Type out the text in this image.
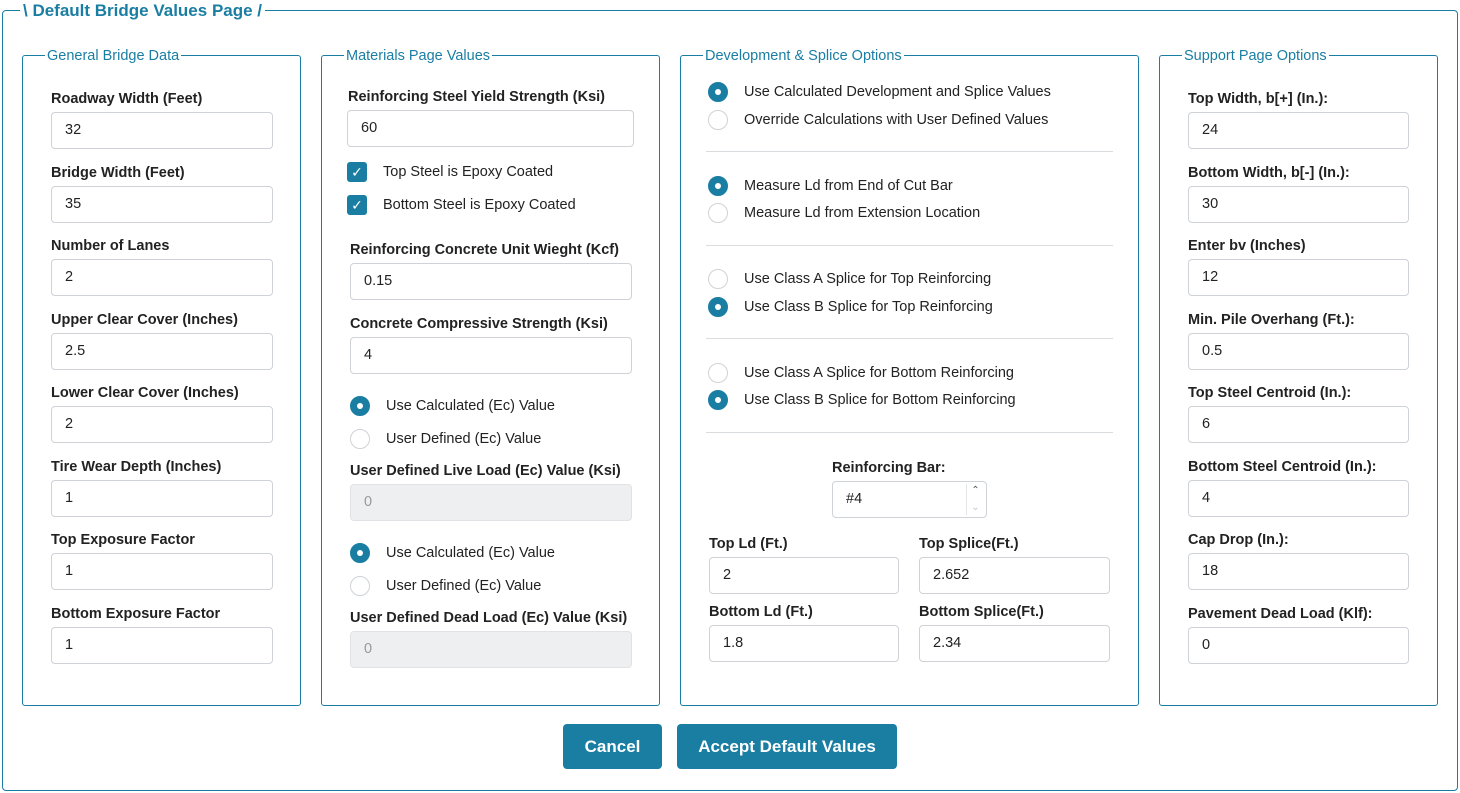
\ Default Bridge Values Page /
General Bridge Data
Roadway Width (Feet)
32
Bridge Width (Feet)
35
Number of Lanes
2
Upper Clear Cover (Inches)
2.5
Lower Clear Cover (Inches)
2
Tire Wear Depth (Inches)
1
Top Exposure Factor
1
Bottom Exposure Factor
1
Materials Page Values
Reinforcing Steel Yield Strength (Ksi)
60
✓ Top Steel is Epoxy Coated
✓ Bottom Steel is Epoxy Coated
Reinforcing Concrete Unit Wieght (Kcf)
0.15
Concrete Compressive Strength (Ksi)
4
Use Calculated (Ec) Value
User Defined (Ec) Value
User Defined Live Load (Ec) Value (Ksi)
0
Use Calculated (Ec) Value
User Defined (Ec) Value
User Defined Dead Load (Ec) Value (Ksi)
0
Development & Splice Options
Use Calculated Development and Splice Values
Override Calculations with User Defined Values
Measure Ld from End of Cut Bar
Measure Ld from Extension Location
Use Class A Splice for Top Reinforcing
Use Class B Splice for Top Reinforcing
Use Class A Splice for Bottom Reinforcing
Use Class B Splice for Bottom Reinforcing
Reinforcing Bar:
#4
⌃
⌄
Top Ld (Ft.)
2
Top Splice(Ft.)
2.652
Bottom Ld (Ft.)
1.8
Bottom Splice(Ft.)
2.34
Support Page Options
Top Width, b[+] (In.):
24
Bottom Width, b[-] (In.):
30
Enter bv (Inches)
12
Min. Pile Overhang (Ft.):
0.5
Top Steel Centroid (In.):
6
Bottom Steel Centroid (In.):
4
Cap Drop (In.):
18
Pavement Dead Load (Klf):
0
Cancel	Accept Default Values
